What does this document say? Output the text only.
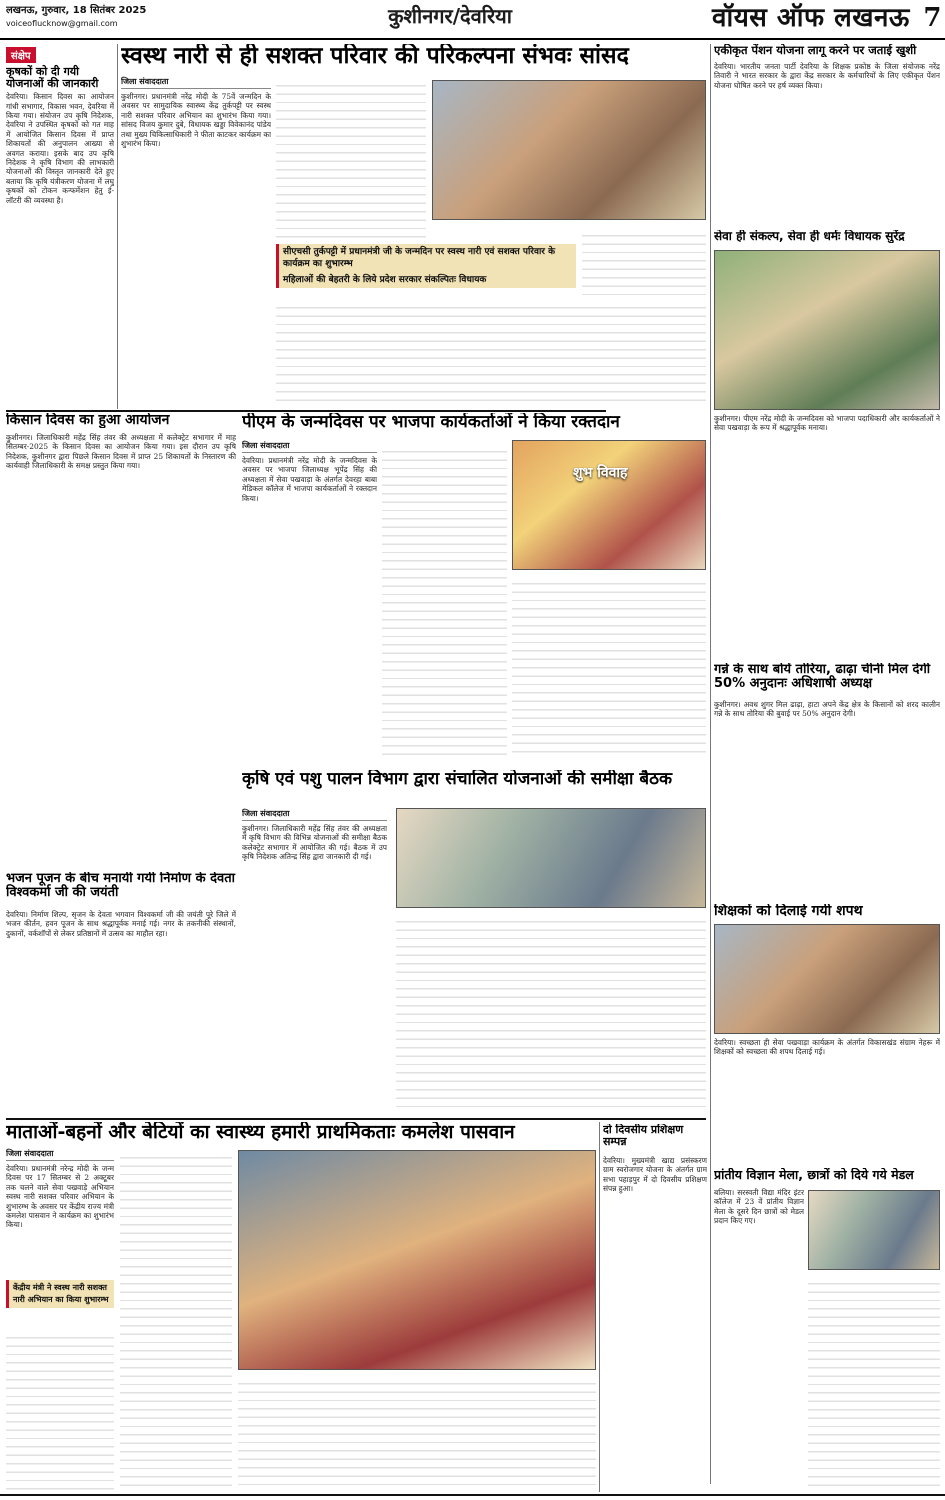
लखनऊ, गुरुवार, 18 सितंबर 2025
voiceoflucknow@gmail.com	कुशीनगर/देवरिया	वॉयस ऑफ लखनऊ 7
संक्षेप
कृषकों को दी गयी योजनाओं की जानकारी
देवरिया। किसान दिवस का आयोजन गांधी सभागार, विकास भवन, देवरिया में किया गया। संयोजन उप कृषि निदेशक, देवरिया ने उपस्थित कृषकों को गत माह में आयोजित किसान दिवस में प्राप्त शिकायतों की अनुपालन आख्या से अवगत कराया। इसके बाद उप कृषि निदेशक ने कृषि विभाग की लाभकारी योजनाओं की विस्तृत जानकारी देते हुए बताया कि कृषि यंत्रीकरण योजना में लघु कृषकों को टोकन कन्फर्मेशन हेतु ई-लॉटरी की व्यवस्था है।
किसान दिवस का हुआ आयोजन
कुशीनगर। जिलाधिकारी महेंद्र सिंह तंवर की अध्यक्षता में कलेक्ट्रेट सभागार में माह सितम्बर-2025 के किसान दिवस का आयोजन किया गया। इस दौरान उप कृषि निदेशक, कुशीनगर द्वारा पिछले किसान दिवस में प्राप्त 25 शिकायतों के निस्तारण की कार्यवाही जिलाधिकारी के समक्ष प्रस्तुत किया गया।
भजन पूजन के बीच मनायी गयी निर्माण के देवता विश्वकर्मा जी की जयंती
देवरिया। निर्माण शिल्प, सृजन के देवता भगवान विश्वकर्मा जी की जयंती पूरे जिले में भजन कीर्तन, हवन पूजन के साथ श्रद्धापूर्वक मनाई गई। नगर के तकनीकी संस्थानों, दुकानों, वर्कशॉपों से लेकर प्रतिष्ठानों में उत्सव का माहौल रहा।
स्वस्थ नारी से ही सशक्त परिवार की परिकल्पना संभवः सांसद
जिला संवाददाता
कुशीनगर। प्रधानमंत्री नरेंद्र मोदी के 75वें जन्मदिन के अवसर पर सामुदायिक स्वास्थ्य केंद्र तुर्कपट्टी पर स्वस्थ नारी सशक्त परिवार अभियान का शुभारंभ किया गया। सांसद विजय कुमार दुबे, विधायक खड्डा विवेकानंद पांडेय तथा मुख्य चिकित्साधिकारी ने फीता काटकर कार्यक्रम का शुभारंभ किया।
सीएचसी तुर्कपट्टी में प्रधानमंत्री जी के जन्मदिन पर स्वस्थ नारी एवं सशक्त परिवार के कार्यक्रम का शुभारम्भ
महिलाओं की बेहतरी के लिये प्रदेश सरकार संकल्पितः विधायक
पीएम के जन्मदिवस पर भाजपा कार्यकर्ताओं ने किया रक्तदान
जिला संवाददाता
देवरिया। प्रधानमंत्री नरेंद्र मोदी के जन्मदिवस के अवसर पर भाजपा जिलाध्यक्ष भूपेंद्र सिंह की अध्यक्षता में सेवा पखवाड़ा के अंतर्गत देवरहा बाबा मेडिकल कॉलेज में भाजपा कार्यकर्ताओं ने रक्तदान किया।
शुभ विवाह
कृषि एवं पशु पालन विभाग द्वारा संचालित योजनाओं की समीक्षा बैठक
जिला संवाददाता
कुशीनगर। जिलाधिकारी महेंद्र सिंह तंवर की अध्यक्षता में कृषि विभाग की विभिन्न योजनाओं की समीक्षा बैठक कलेक्ट्रेट सभागार में आयोजित की गई। बैठक में उप कृषि निदेशक अतिन्द्र सिंह द्वारा जानकारी दी गई।
माताओं-बहनों और बेटियों का स्वास्थ्य हमारी प्राथमिकताः कमलेश पासवान
जिला संवाददाता
देवरिया। प्रधानमंत्री नरेन्द्र मोदी के जन्म दिवस पर 17 सितम्बर से 2 अक्टूबर तक चलने वाले सेवा पखवाड़े अभियान स्वस्थ नारी सशक्त परिवार अभियान के शुभारम्भ के अवसर पर केंद्रीय राज्य मंत्री कमलेश पासवान ने कार्यक्रम का शुभारंभ किया।
केंद्रीय मंत्री ने स्वस्थ नारी सशक्त नारी अभियान का किया शुभारम्भ
दो दिवसीय प्रशिक्षण सम्पन्न
देवरिया। मुख्यमंत्री खाद्य प्रसंस्करण ग्राम स्वरोजगार योजना के अंतर्गत ग्राम सभा पहाड़पुर में दो दिवसीय प्रशिक्षण संपन्न हुआ।
एकीकृत पेंशन योजना लागू करने पर जताई खुशी
देवरिया। भारतीय जनता पार्टी देवरिया के शिक्षक प्रकोष्ठ के जिला संयोजक नरेंद्र तिवारी ने भारत सरकार के द्वारा केंद्र सरकार के कर्मचारियों के लिए एकीकृत पेंशन योजना घोषित करने पर हर्ष व्यक्त किया।
सेवा ही संकल्प, सेवा ही धर्मः विधायक सुरेंद्र
कुशीनगर। पीएम नरेंद्र मोदी के जन्मदिवस को भाजपा पदाधिकारी और कार्यकर्ताओं ने सेवा पखवाड़ा के रूप में श्रद्धापूर्वक मनाया।
गन्ने के साथ बोयें तोरिया, ढाढ़ा चीनी मिल देगी 50% अनुदानः अधिशाषी अध्यक्ष
कुशीनगर। अवध शुगर मिल ढाढ़ा, हाटा अपने केंद्र क्षेत्र के किसानों को शरद कालीन गन्ने के साथ तोरिया की बुवाई पर 50% अनुदान देगी।
शिक्षकों को दिलाई गयी शपथ
देवरिया। स्वच्छता ही सेवा पखवाड़ा कार्यक्रम के अंतर्गत विकासखंड संग्राम नेहरू में शिक्षकों को स्वच्छता की शपथ दिलाई गई।
प्रांतीय विज्ञान मेला, छात्रों को दिये गये मेडल
बलिया। सरस्वती विद्या मंदिर इंटर कॉलेज में 23 वें प्रांतीय विज्ञान मेला के दूसरे दिन छात्रों को मेडल प्रदान किए गए।
